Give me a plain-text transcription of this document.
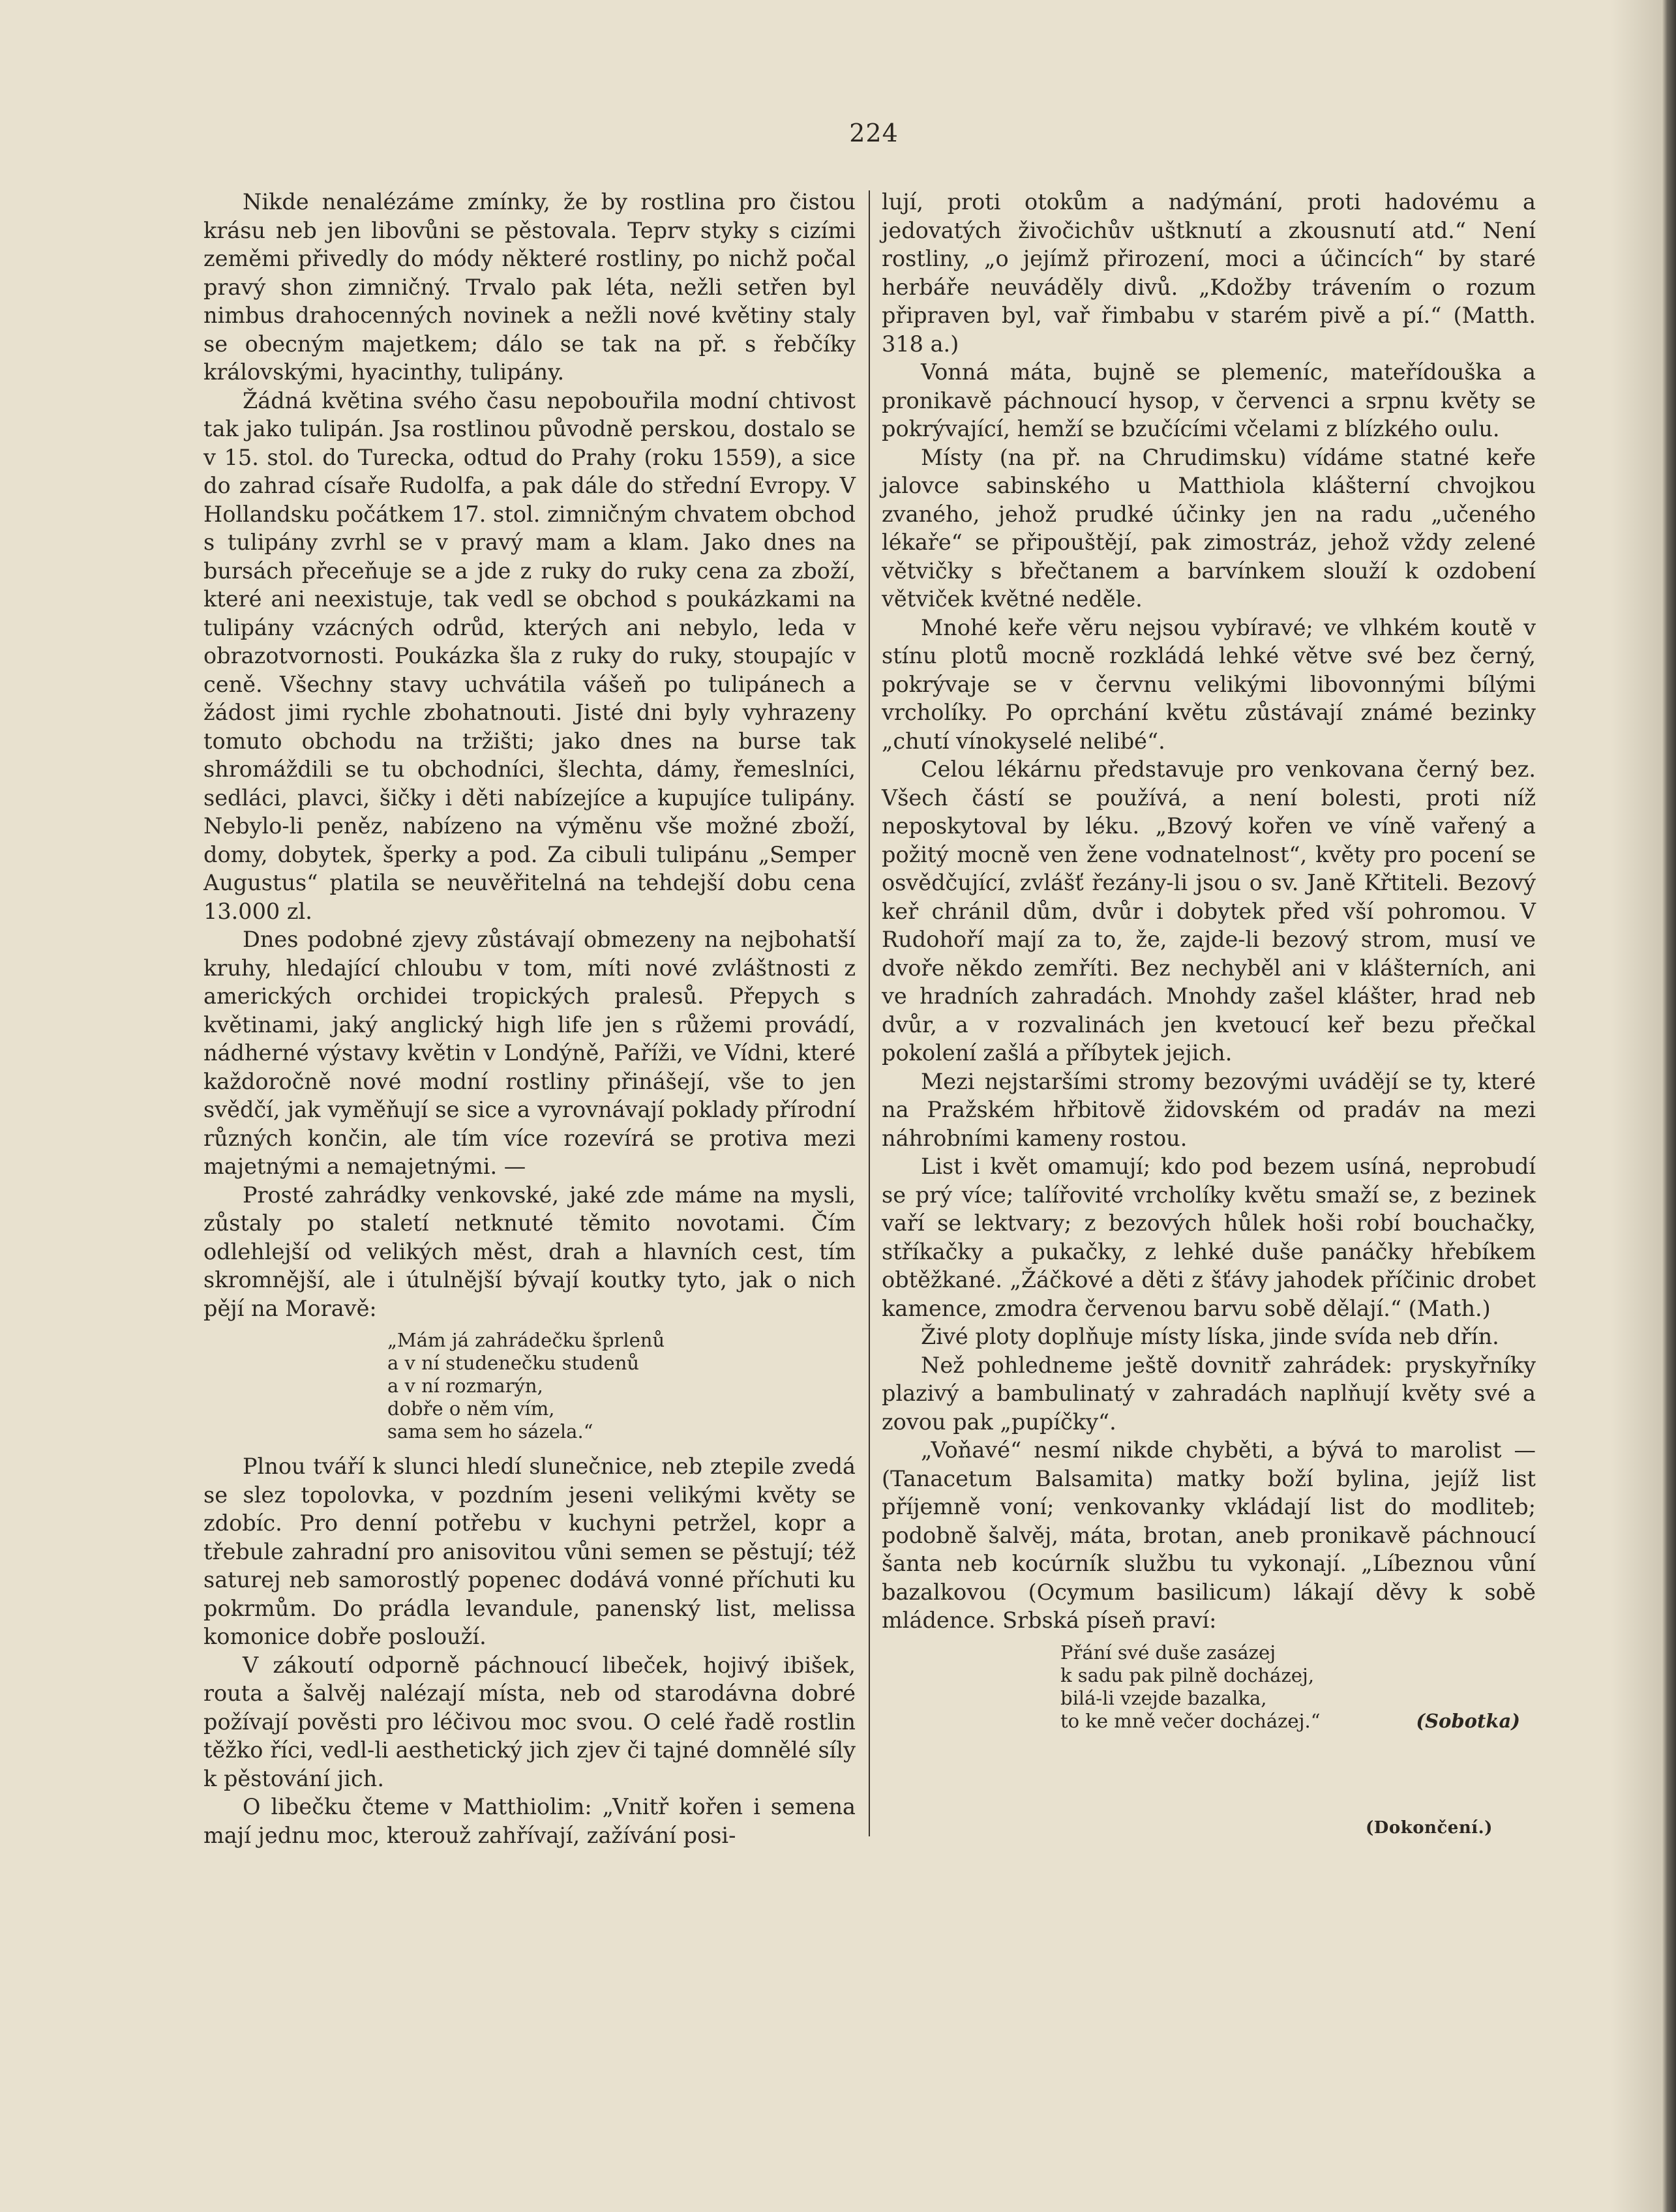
224

Nikde nenalézáme zmínky, že by rostlina pro čistou krásu neb jen libovůni se pěstovala. Teprv styky s cizími zeměmi přivedly do módy některé rostliny, po nichž počal pravý shon zimničný. Trvalo pak léta, nežli setřen byl nimbus drahocenných novinek a nežli nové květiny staly se obecným majetkem; dálo se tak na př. s řebčíky královskými, hyacinthy, tulipány.

Žádná květina svého času nepobouřila modní chtivost tak jako tulipán. Jsa rostlinou původně perskou, dostalo se v 15. stol. do Turecka, odtud do Prahy (roku 1559), a sice do zahrad císaře Rudolfa, a pak dále do střední Evropy. V Hollandsku počátkem 17. stol. zimničným chvatem obchod s tulipány zvrhl se v pravý mam a klam. Jako dnes na bursách přeceňuje se a jde z ruky do ruky cena za zboží, které ani neexistuje, tak vedl se obchod s poukázkami na tulipány vzácných odrůd, kterých ani nebylo, leda v obrazotvornosti. Poukázka šla z ruky do ruky, stoupajíc v ceně. Všechny stavy uchvátila vášeň po tulipánech a žádost jimi rychle zbohatnouti. Jisté dni byly vyhrazeny tomuto obchodu na tržišti; jako dnes na burse tak shromáždili se tu obchodníci, šlechta, dámy, řemeslníci, sedláci, plavci, šičky i děti nabízejíce a kupujíce tulipány. Nebylo-li peněz, nabízeno na výměnu vše možné zboží, domy, dobytek, šperky a pod. Za cibuli tulipánu „Semper Augustus“ platila se neuvěřitelná na tehdejší dobu cena 13.000 zl.

Dnes podobné zjevy zůstávají obmezeny na nejbohatší kruhy, hledající chloubu v tom, míti nové zvláštnosti z amerických orchidei tropických pralesů. Přepych s květinami, jaký anglický high life jen s růžemi provádí, nádherné výstavy květin v Londýně, Paříži, ve Vídni, které každoročně nové modní rostliny přinášejí, vše to jen svědčí, jak vyměňují se sice a vyrovnávají poklady přírodní různých končin, ale tím více rozevírá se protiva mezi majetnými a nemajetnými. —

Prosté zahrádky venkovské, jaké zde máme na mysli, zůstaly po staletí netknuté těmito novotami. Čím odlehlejší od velikých měst, drah a hlavních cest, tím skromnější, ale i útulnější bývají koutky tyto, jak o nich pějí na Moravě:

„Mám já zahrádečku šprlenů
a v ní studenečku studenů
a v ní rozmarýn,
dobře o něm vím,
sama sem ho sázela.“

Plnou tváří k slunci hledí slunečnice, neb ztepile zvedá se slez topolovka, v pozdním jeseni velikými květy se zdobíc. Pro denní potřebu v kuchyni petržel, kopr a třebule zahradní pro anisovitou vůni semen se pěstují; též saturej neb samorostlý popenec dodává vonné příchuti ku pokrmům. Do prádla levandule, panenský list, melissa komonice dobře poslouží.

V zákoutí odporně páchnoucí libeček, hojivý ibišek, routa a šalvěj nalézají místa, neb od starodávna dobré požívají pověsti pro léčivou moc svou. O celé řadě rostlin těžko říci, vedl-li aesthetický jich zjev či tajné domnělé síly k pěstování jich.

O libečku čteme v Matthiolim: „Vnitř kořen i semena mají jednu moc, kterouž zahřívají, zažívání posi-

lují, proti otokům a nadýmání, proti hadovému a jedovatých živočichův uštknutí a zkousnutí atd.“ Není rostliny, „o jejímž přirození, moci a účincích“ by staré herbáře neuváděly divů. „Kdožby trávením o rozum připraven byl, vař řimbabu v starém pivě a pí.“ (Matth. 318 a.)

Vonná máta, bujně se plemeníc, mateřídouška a pronikavě páchnoucí hysop, v červenci a srpnu květy se pokrývající, hemží se bzučícími včelami z blízkého oulu.

Místy (na př. na Chrudimsku) vídáme statné keře jalovce sabinského u Matthiola klášterní chvojkou zvaného, jehož prudké účinky jen na radu „učeného lékaře“ se připouštějí, pak zimostráz, jehož vždy zelené větvičky s břečtanem a barvínkem slouží k ozdobení větviček květné neděle.

Mnohé keře věru nejsou vybíravé; ve vlhkém koutě v stínu plotů mocně rozkládá lehké větve své bez černý, pokrývaje se v červnu velikými libovonnými bílými vrcholíky. Po oprchání květu zůstávají známé bezinky „chutí vínokyselé nelibé“.

Celou lékárnu představuje pro venkovana černý bez. Všech částí se používá, a není bolesti, proti níž neposkytoval by léku. „Bzový kořen ve víně vařený a požitý mocně ven žene vodnatelnost“, květy pro pocení se osvědčující, zvlášť řezány-li jsou o sv. Janě Křtiteli. Bezový keř chránil dům, dvůr i dobytek před vší pohromou. V Rudohoří mají za to, že, zajde-li bezový strom, musí ve dvoře někdo zemříti. Bez nechyběl ani v klášterních, ani ve hradních zahradách. Mnohdy zašel klášter, hrad neb dvůr, a v rozvalinách jen kvetoucí keř bezu přečkal pokolení zašlá a příbytek jejich.

Mezi nejstaršími stromy bezovými uvádějí se ty, které na Pražském hřbitově židovském od pradáv na mezi náhrobními kameny rostou.

List i květ omamují; kdo pod bezem usíná, neprobudí se prý více; talířovité vrcholíky květu smaží se, z bezinek vaří se lektvary; z bezových hůlek hoši robí bouchačky, stříkačky a pukačky, z lehké duše panáčky hřebíkem obtěžkané. „Žáčkové a děti z šťávy jahodek příčinic drobet kamence, zmodra červenou barvu sobě dělají.“ (Math.)

Živé ploty doplňuje místy líska, jinde svída neb dřín.

Než pohledneme ještě dovnitř zahrádek: pryskyřníky plazivý a bambulinatý v zahradách naplňují květy své a zovou pak „pupíčky“.

„Voňavé“ nesmí nikde chyběti, a bývá to marolist — (Tanacetum Balsamita) matky boží bylina, jejíž list příjemně voní; venkovanky vkládají list do modliteb; podobně šalvěj, máta, brotan, aneb pronikavě páchnoucí šanta neb kocúrník službu tu vykonají. „Líbeznou vůní bazalkovou (Ocymum basilicum) lákají děvy k sobě mládence. Srbská píseň praví:

Přání své duše zasázej
k sadu pak pilně docházej,
bilá-li vzejde bazalka,
to ke mně večer docházej.“	(Sobotka)
(Dokončení.)
